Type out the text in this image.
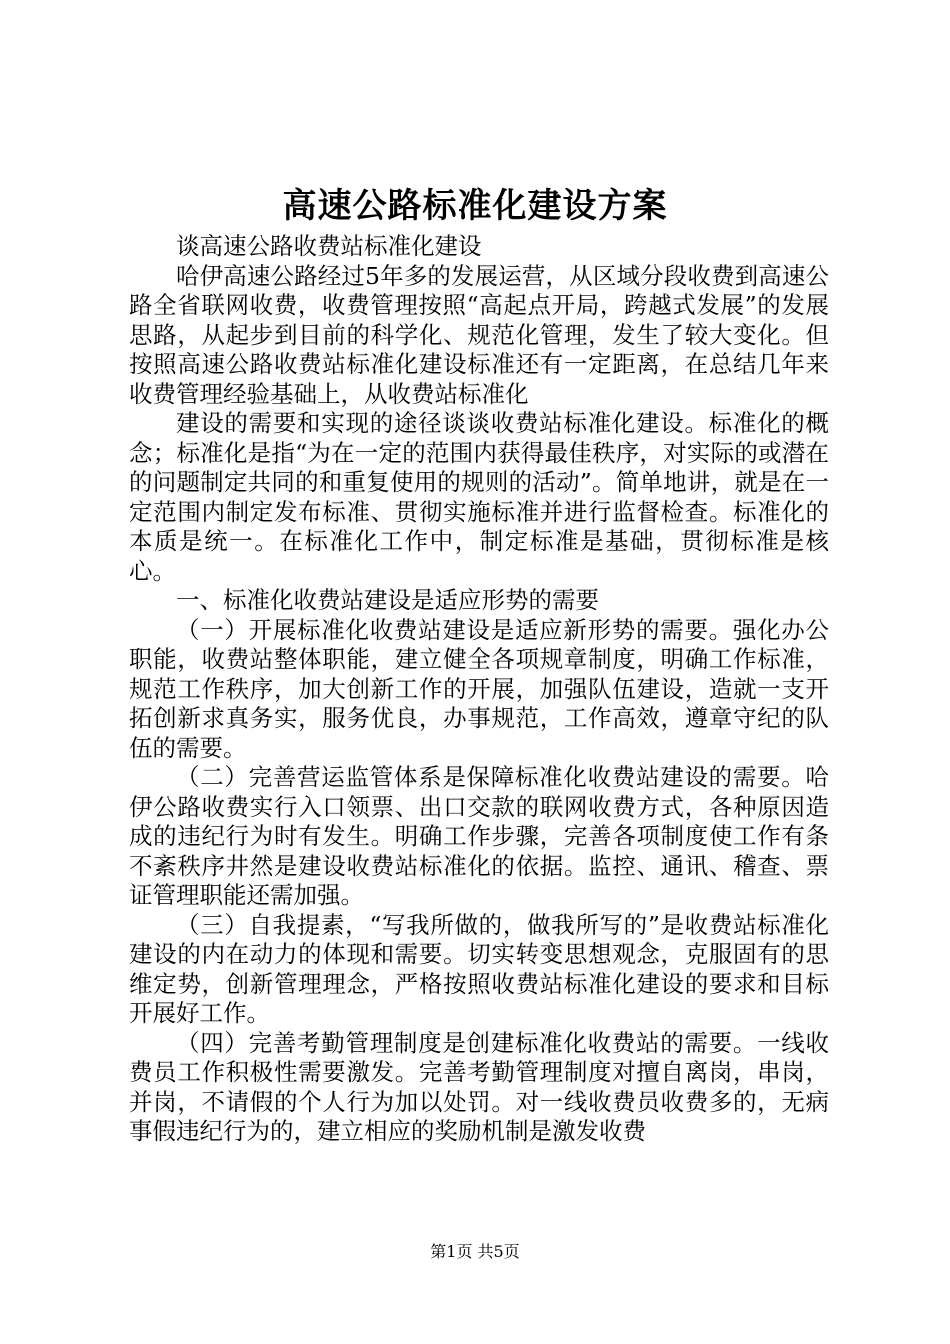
高速公路标准化建设方案

谈高速公路收费站标准化建设

哈伊高速公路经过5年多的发展运营，从区域分段收费到高速公路全省联网收费，收费管理按照“高起点开局，跨越式发展”的发展思路，从起步到目前的科学化、规范化管理，发生了较大变化。但按照高速公路收费站标准化建设标准还有一定距离，在总结几年来收费管理经验基础上，从收费站标准化

建设的需要和实现的途径谈谈收费站标准化建设。标准化的概念；标准化是指“为在一定的范围内获得最佳秩序，对实际的或潜在的问题制定共同的和重复使用的规则的活动”。简单地讲，就是在一定范围内制定发布标准、贯彻实施标准并进行监督检查。标准化的本质是统一。在标准化工作中，制定标准是基础，贯彻标准是核心。

一、标准化收费站建设是适应形势的需要

（一）开展标准化收费站建设是适应新形势的需要。强化办公职能，收费站整体职能，建立健全各项规章制度，明确工作标准，规范工作秩序，加大创新工作的开展，加强队伍建设，造就一支开拓创新求真务实，服务优良，办事规范，工作高效，遵章守纪的队伍的需要。

（二）完善营运监管体系是保障标准化收费站建设的需要。哈伊公路收费实行入口领票、出口交款的联网收费方式，各种原因造成的违纪行为时有发生。明确工作步骤，完善各项制度使工作有条不紊秩序井然是建设收费站标准化的依据。监控、通讯、稽查、票证管理职能还需加强。

（三）自我提素，“写我所做的，做我所写的”是收费站标准化建设的内在动力的体现和需要。切实转变思想观念，克服固有的思维定势，创新管理理念，严格按照收费站标准化建设的要求和目标开展好工作。

（四）完善考勤管理制度是创建标准化收费站的需要。一线收费员工作积极性需要激发。完善考勤管理制度对擅自离岗，串岗，并岗，不请假的个人行为加以处罚。对一线收费员收费多的，无病事假违纪行为的，建立相应的奖励机制是激发收费

第1页 共5页
